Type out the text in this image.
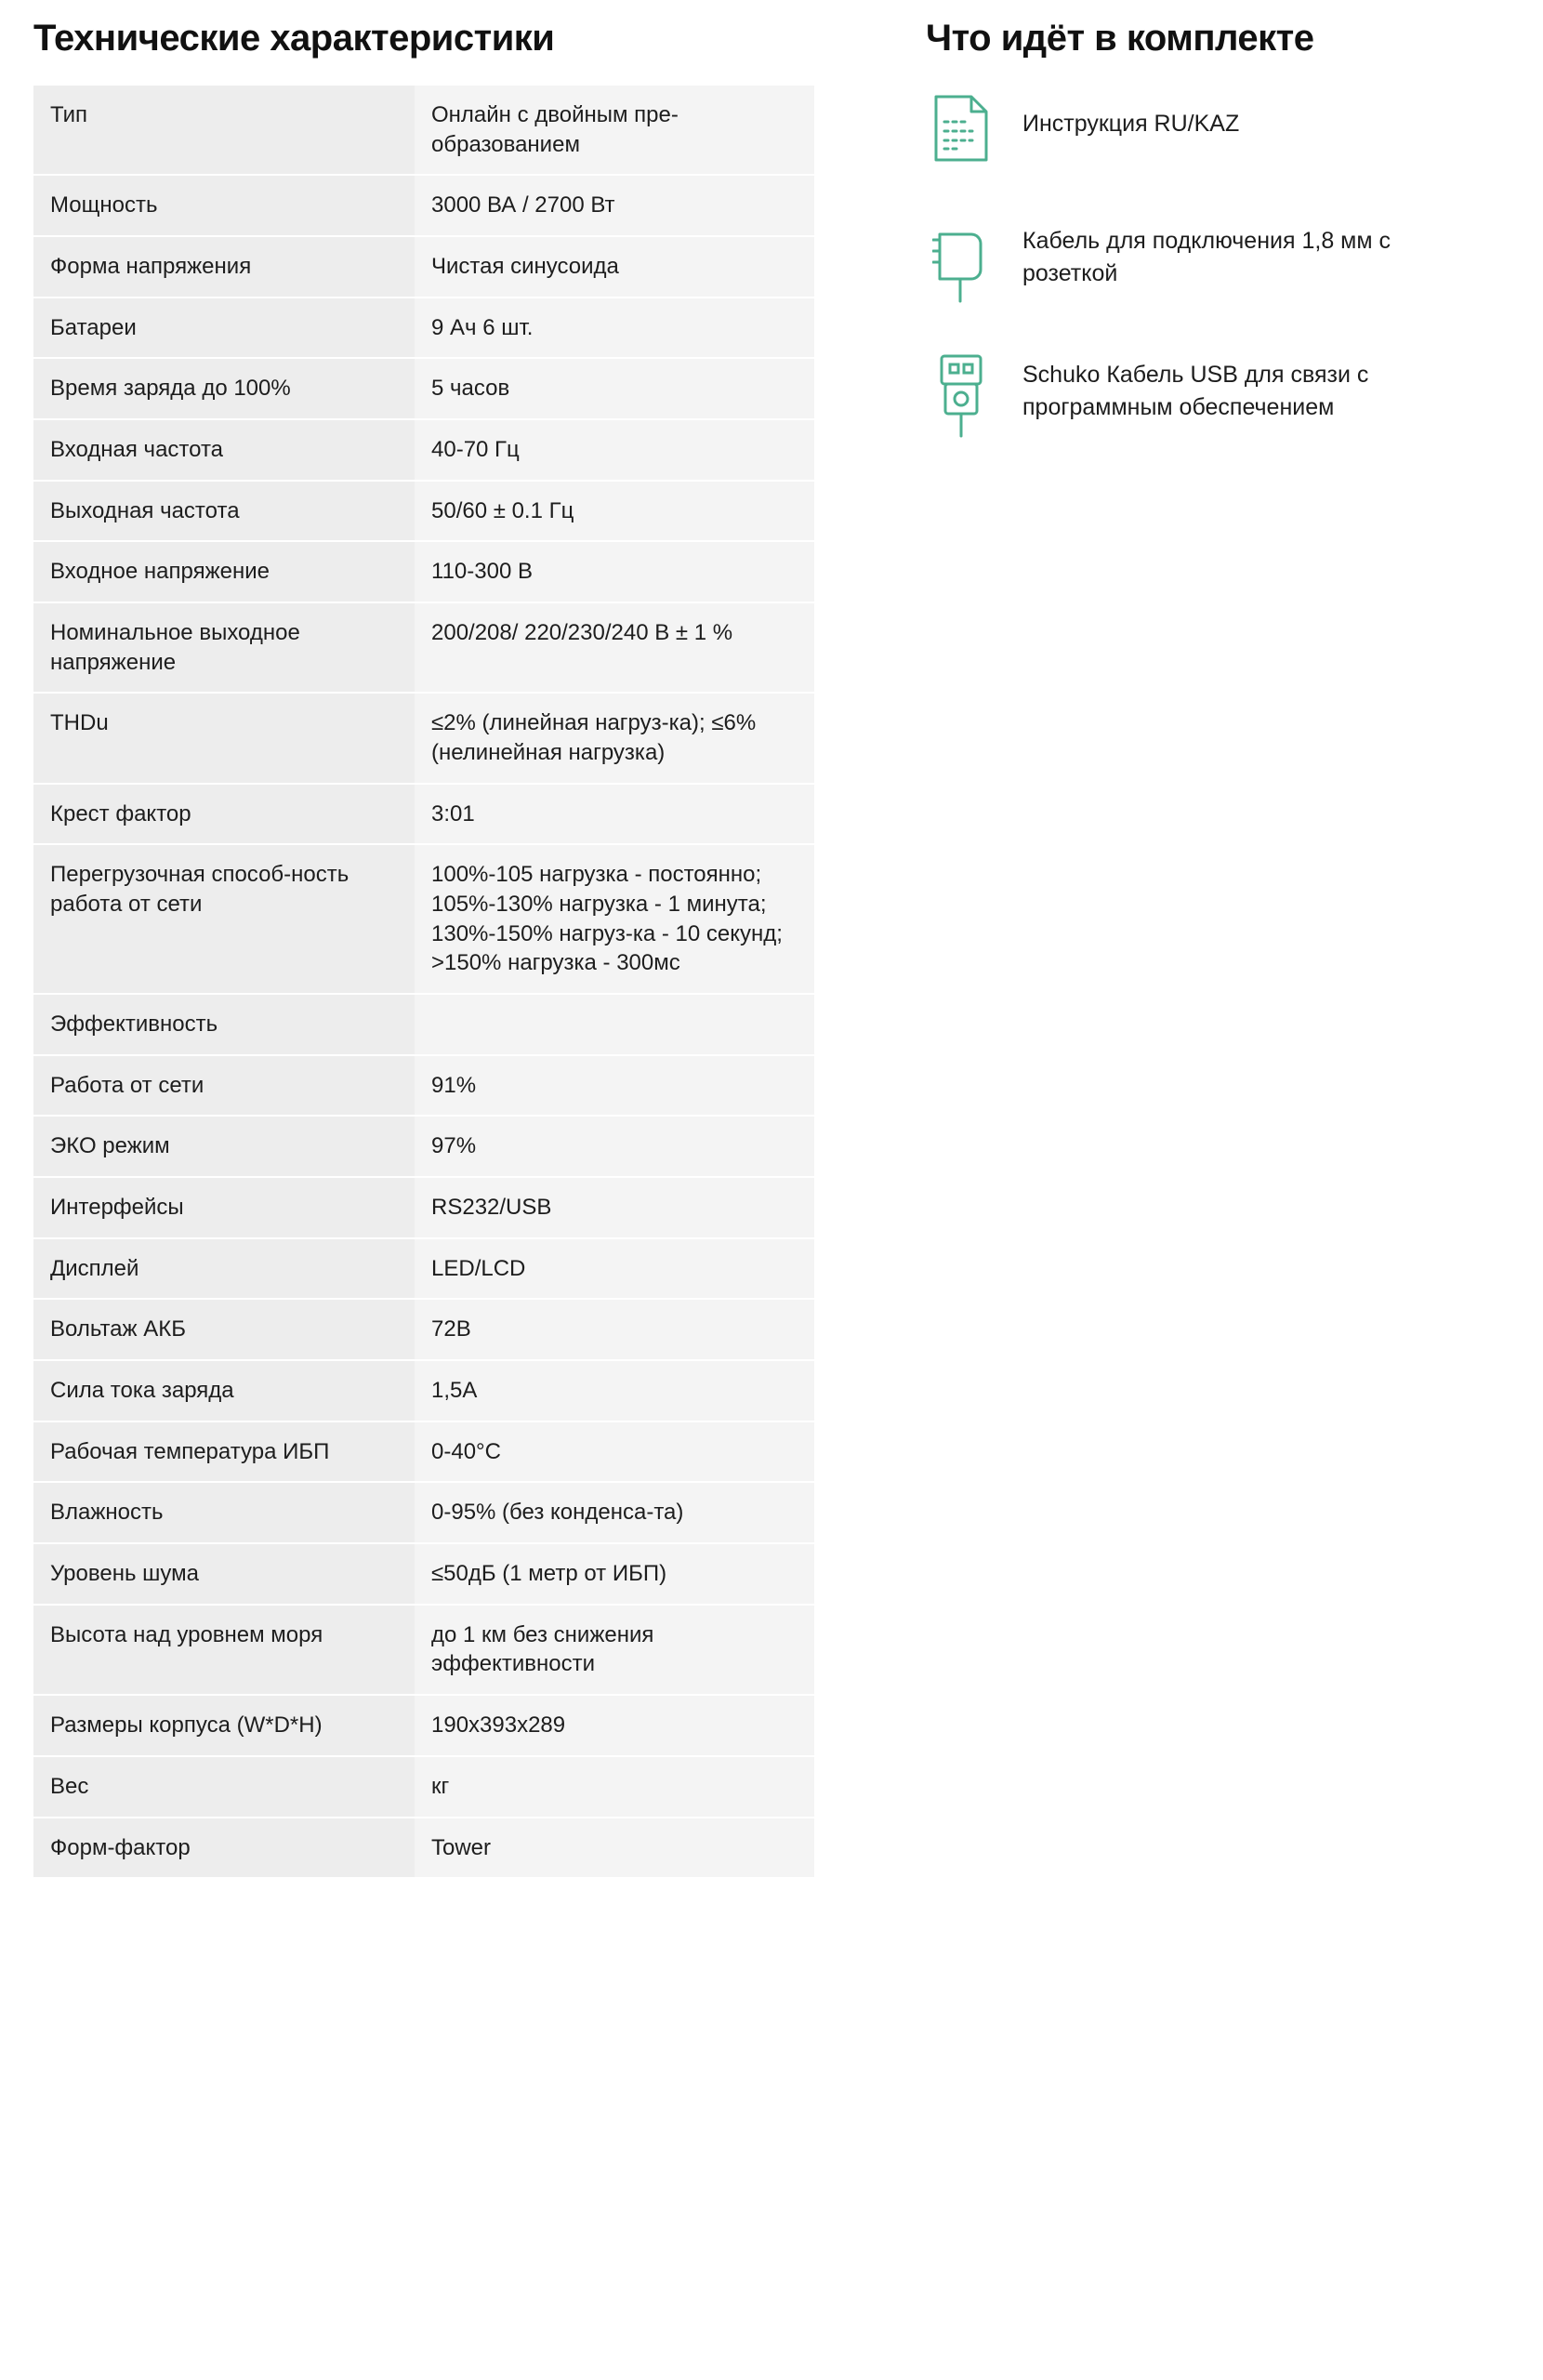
Технические характеристики
Тип	Онлайн с двойным пре- образованием
Мощность	3000 ВА / 2700 Вт
Форма напряжения	Чистая синусоида
Батареи	9 Ач 6 шт.
Время заряда до 100%	5 часов
Входная частота	40-70 Гц
Выходная частота	50/60 ± 0.1 Гц
Входное напряжение	110-300 В
Номинальное выходное напряжение	200/208/ 220/230/240 В ± 1 %
THDu	≤2% (линейная нагруз-ка); ≤6% (нелинейная нагрузка)
Крест фактор	3:01
Перегрузочная способ-ность работа от сети	100%-105 нагрузка - постоянно; 105%-130% нагрузка - 1 минута; 130%-150% нагруз-ка - 10 секунд; >150% нагрузка - 300мс
Эффективность	
Работа от сети	91%
ЭКО режим	97%
Интерфейсы	RS232/USB
Дисплей	LED/LCD
Вольтаж АКБ	72В
Сила тока заряда	1,5А
Рабочая температура ИБП	0-40°С
Влажность	0-95% (без конденса-та)
Уровень шума	≤50дБ (1 метр от ИБП)
Высота над уровнем моря	до 1 км без снижения эффективности
Размеры корпуса (W*D*H)	190x393x289
Вес	кг
Форм-фактор	Tower
Что идёт в комплекте
Инструкция RU/KAZ
Кабель для подключения 1,8 мм с розеткой
Schuko Кабель USB для связи с программным обеспечением
